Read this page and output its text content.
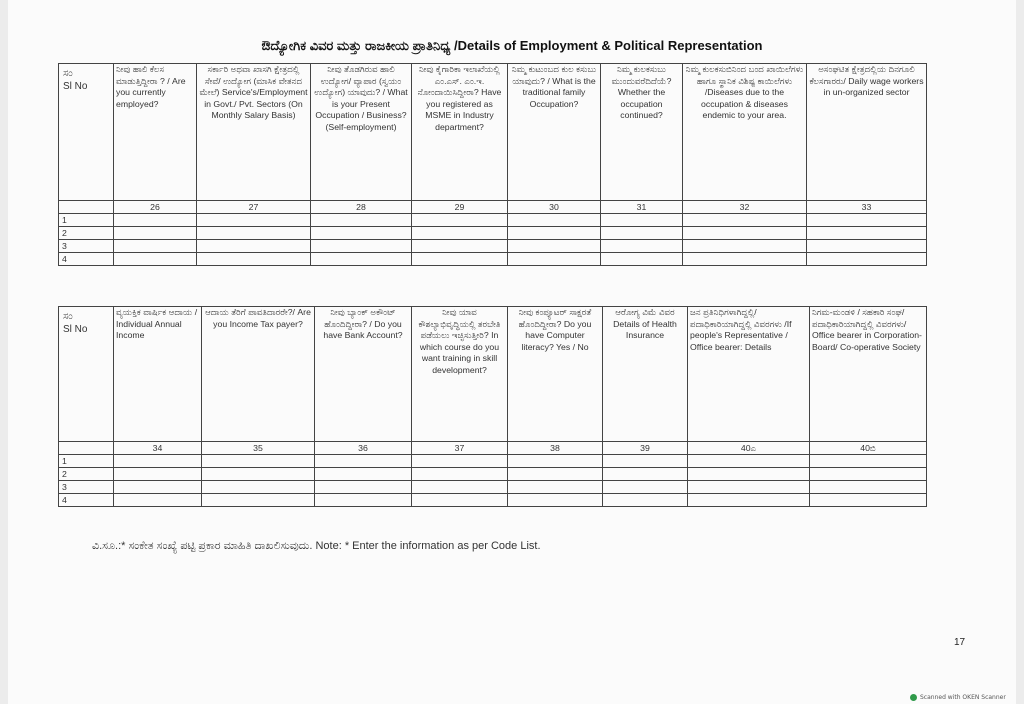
ಔದ್ಯೋಗಿಕ ವಿವರ ಮತ್ತು ರಾಜಕೀಯ ಪ್ರಾತಿನಿಧ್ಯ /Details of Employment & Political Representation
ಸಂ
Sl No	ನೀವು ಹಾಲಿ ಕೆಲಸ ಮಾಡುತ್ತಿದ್ದೀರಾ ? / Are you currently employed?	ಸರ್ಕಾರಿ ಅಥವಾ ಖಾಸಗಿ ಕ್ಷೇತ್ರದಲ್ಲಿ ಸೇವೆ/ ಉದ್ಯೋಗ (ಮಾಸಿಕ ವೇತನದ ಮೇಲೆ) Service's/Employment in Govt./ Pvt. Sectors (On Monthly Salary Basis)	ನೀವು ತೊಡಗಿರುವ ಹಾಲಿ ಉದ್ಯೋಗ/ ವ್ಯಾಪಾರ (ಸ್ವಯಂ ಉದ್ಯೋಗ) ಯಾವುದು? / What is your Present Occupation / Business? (Self-employment)	ನೀವು ಕೈಗಾರಿಕಾ ಇಲಾಖೆಯಲ್ಲಿ ಎಂ.ಎಸ್. ಎಂ.ಇ. ನೋಂದಾಯಿಸಿದ್ದೀರಾ? Have you registered as MSME in Industry department?	ನಿಮ್ಮ ಕುಟುಂಬದ ಕುಲ ಕಸುಬು ಯಾವುದು? / What is the traditional family Occupation?	ನಿಮ್ಮ ಕುಲಕಸುಬು ಮುಂದುವರೆದಿದೆಯೆ? Whether the occupation continued?	ನಿಮ್ಮ ಕುಲಕಸುಬಿನಿಂದ ಬಂದ ಖಾಯಿಲೆಗಳು ಹಾಗೂ ಸ್ಥಾನಿಕ ವಿಶಿಷ್ಟ ಕಾಯಿಲೆಗಳು /Diseases due to the occupation & diseases endemic to your area.	ಅಸಂಘಟಿತ ಕ್ಷೇತ್ರದಲ್ಲಿಯ ದಿನಗೂಲಿ ಕೆಲಸಗಾರರು/ Daily wage workers in un-organized sector
	26	27	28	29	30	31	32	33
1								
2								
3								
4								
ಸಂ
Sl No	ವ್ಯಯಕ್ತಿಕ ವಾರ್ಷಿಕ ಆದಾಯ / Individual Annual Income	ಆದಾಯ ತೆರಿಗೆ ಪಾವತಿದಾರರೇ?/ Are you Income Tax payer?	ನೀವು ಬ್ಯಾಂಕ್ ಅಕೌಂಟ್ ಹೊಂದಿದ್ದೀರಾ? / Do you have Bank Account?	ನೀವು ಯಾವ ಕೌಶಲ್ಯಾಭಿವೃದ್ಧಿಯಲ್ಲಿ ತರಬೇತಿ ಪಡೆಯಲು ಇಚ್ಛಿಸುತ್ತೀರಿ? In which course do you want training in skill development?	ನೀವು ಕಂಪ್ಯೂಟರ್ ಸಾಕ್ಷರತೆ ಹೊಂದಿದ್ದೀರಾ? Do you have Computer literacy? Yes / No	ಆರೋಗ್ಯ ವಿಮೆ ವಿವರ Details of Health Insurance	ಜನ ಪ್ರತಿನಿಧಿಗಳಾಗಿದ್ದಲ್ಲಿ/ ಪದಾಧಿಕಾರಿಯಾಗಿದ್ದಲ್ಲಿ ವಿವರಗಳು /If people's Representative / Office bearer: Details	ನಿಗಮ-ಮಂಡಳಿ / ಸಹಕಾರಿ ಸಂಘ/ ಪದಾಧಿಕಾರಿಯಾಗಿದ್ದಲ್ಲಿ ವಿವರಗಳು/ Office bearer in Corporation- Board/ Co-operative Society
	34	35	36	37	38	39	40ಎ	40ಬಿ
1								
2								
3								
4								
ವಿ.ಸೂ.:* ಸಂಕೇತ ಸಂಖ್ಯೆ ಪಟ್ಟಿ ಪ್ರಕಾರ ಮಾಹಿತಿ ದಾಖಲಿಸುವುದು. Note: * Enter the information as per Code List.
17
Scanned with OKEN Scanner
